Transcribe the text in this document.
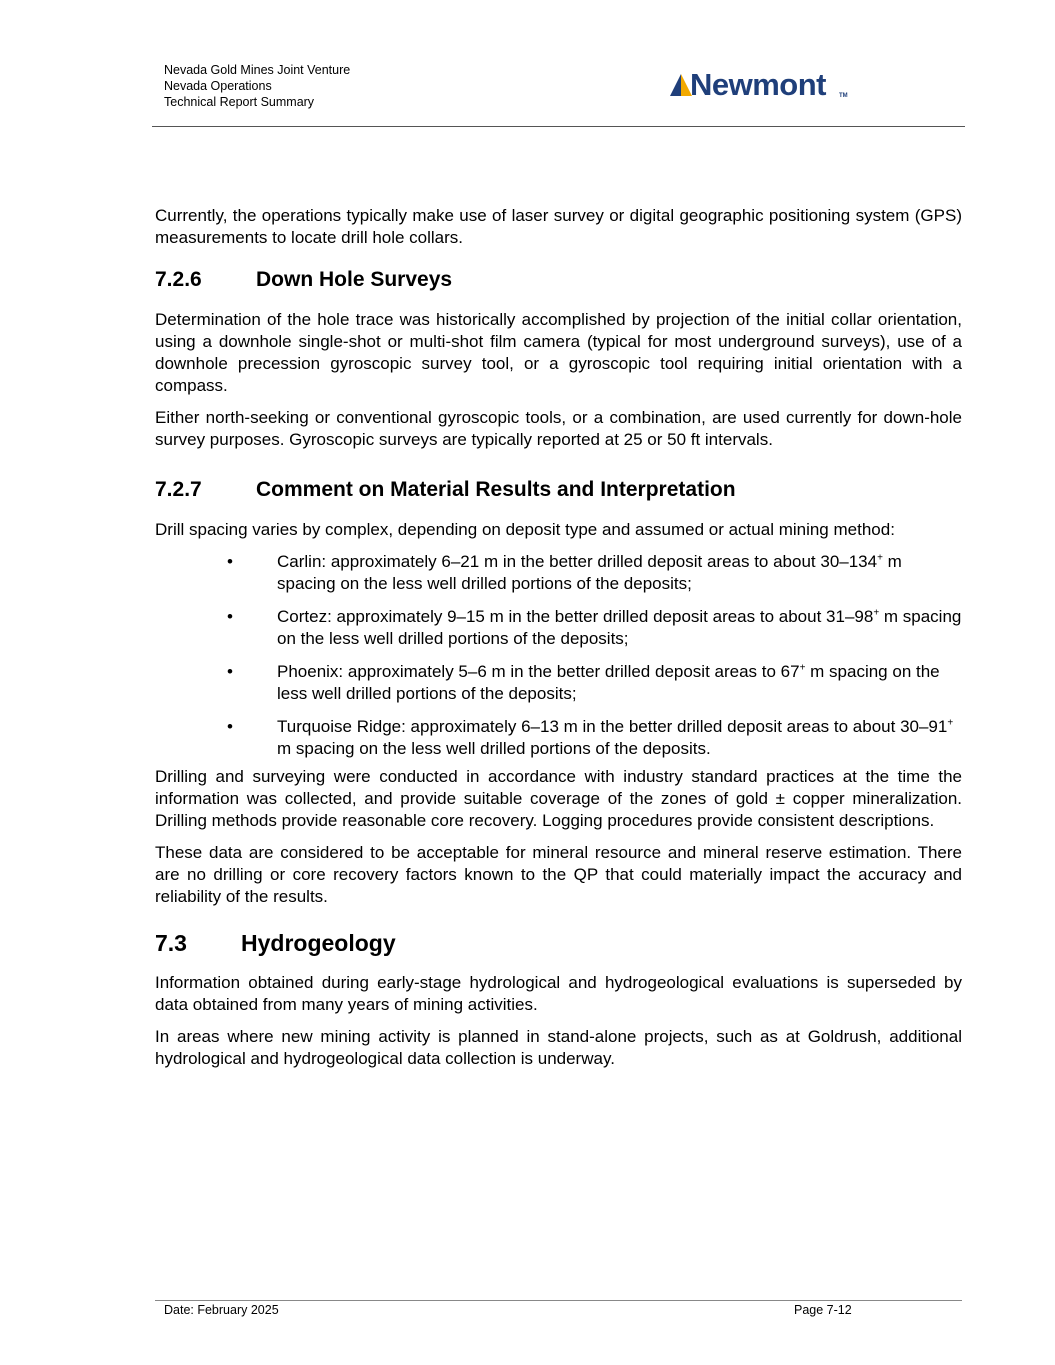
Nevada Gold Mines Joint Venture
Nevada Operations
Technical Report Summary	Newmont TM

Currently, the operations typically make use of laser survey or digital geographic positioning system (GPS) measurements to locate drill hole collars.

7.2.6	Down Hole Surveys

Determination of the hole trace was historically accomplished by projection of the initial collar orientation, using a downhole single-shot or multi-shot film camera (typical for most underground surveys), use of a downhole precession gyroscopic survey tool, or a gyroscopic tool requiring initial orientation with a compass.

Either north-seeking or conventional gyroscopic tools, or a combination, are used currently for down-hole survey purposes. Gyroscopic surveys are typically reported at 25 or 50 ft intervals.

7.2.7	Comment on Material Results and Interpretation

Drill spacing varies by complex, depending on deposit type and assumed or actual mining method:

•	Carlin: approximately 6–21 m in the better drilled deposit areas to about 30–134+ m spacing on the less well drilled portions of the deposits;
•	Cortez: approximately 9–15 m in the better drilled deposit areas to about 31–98+ m spacing on the less well drilled portions of the deposits;
•	Phoenix: approximately 5–6 m in the better drilled deposit areas to 67+ m spacing on the less well drilled portions of the deposits;
•	Turquoise Ridge: approximately 6–13 m in the better drilled deposit areas to about 30–91+ m spacing on the less well drilled portions of the deposits.

Drilling and surveying were conducted in accordance with industry standard practices at the time the information was collected, and provide suitable coverage of the zones of gold ± copper mineralization. Drilling methods provide reasonable core recovery. Logging procedures provide consistent descriptions.

These data are considered to be acceptable for mineral resource and mineral reserve estimation. There are no drilling or core recovery factors known to the QP that could materially impact the accuracy and reliability of the results.

7.3	Hydrogeology

Information obtained during early-stage hydrological and hydrogeological evaluations is superseded by data obtained from many years of mining activities.

In areas where new mining activity is planned in stand-alone projects, such as at Goldrush, additional hydrological and hydrogeological data collection is underway.

Date: February 2025	Page 7-12
